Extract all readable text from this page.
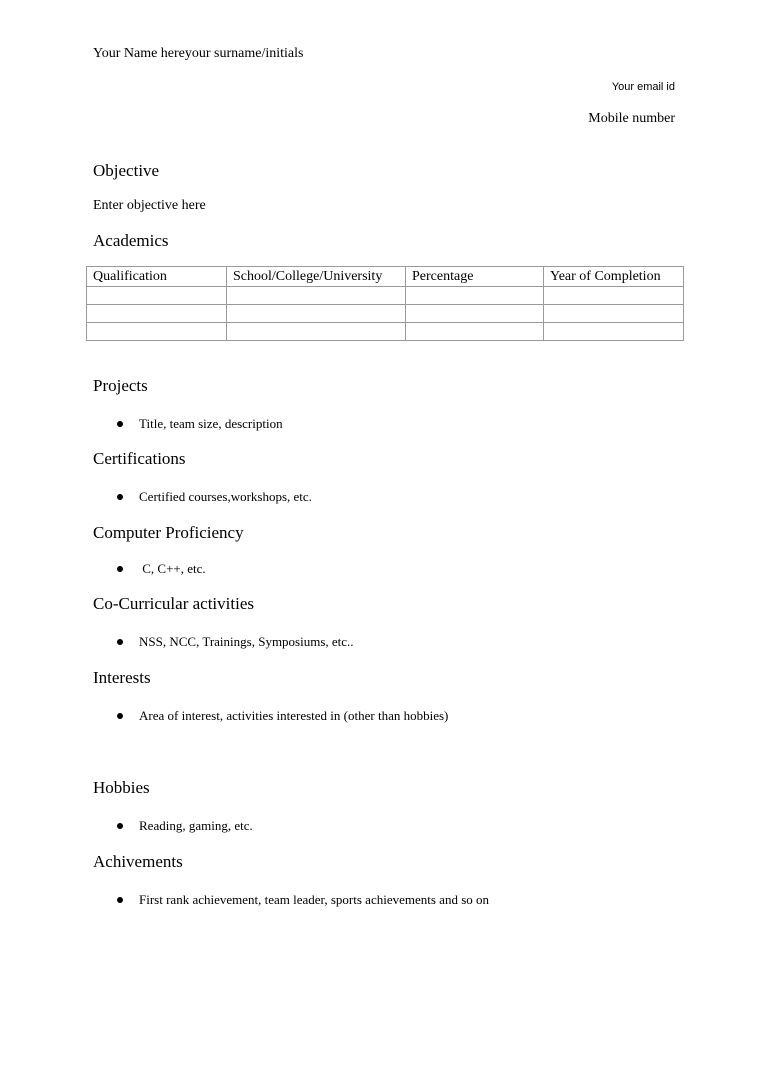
Your Name hereyour surname/initials
Your email id
Mobile number
Objective
Enter objective here
Academics
Qualification	School/College/University	Percentage	Year of Completion

Projects
Title, team size, description
Certifications
Certified courses,workshops, etc.
Computer Proficiency
C, C++, etc.
Co-Curricular activities
NSS, NCC, Trainings, Symposiums, etc..
Interests
Area of interest, activities interested in (other than hobbies)
Hobbies
Reading, gaming, etc.
Achivements
First rank achievement, team leader, sports achievements and so on
